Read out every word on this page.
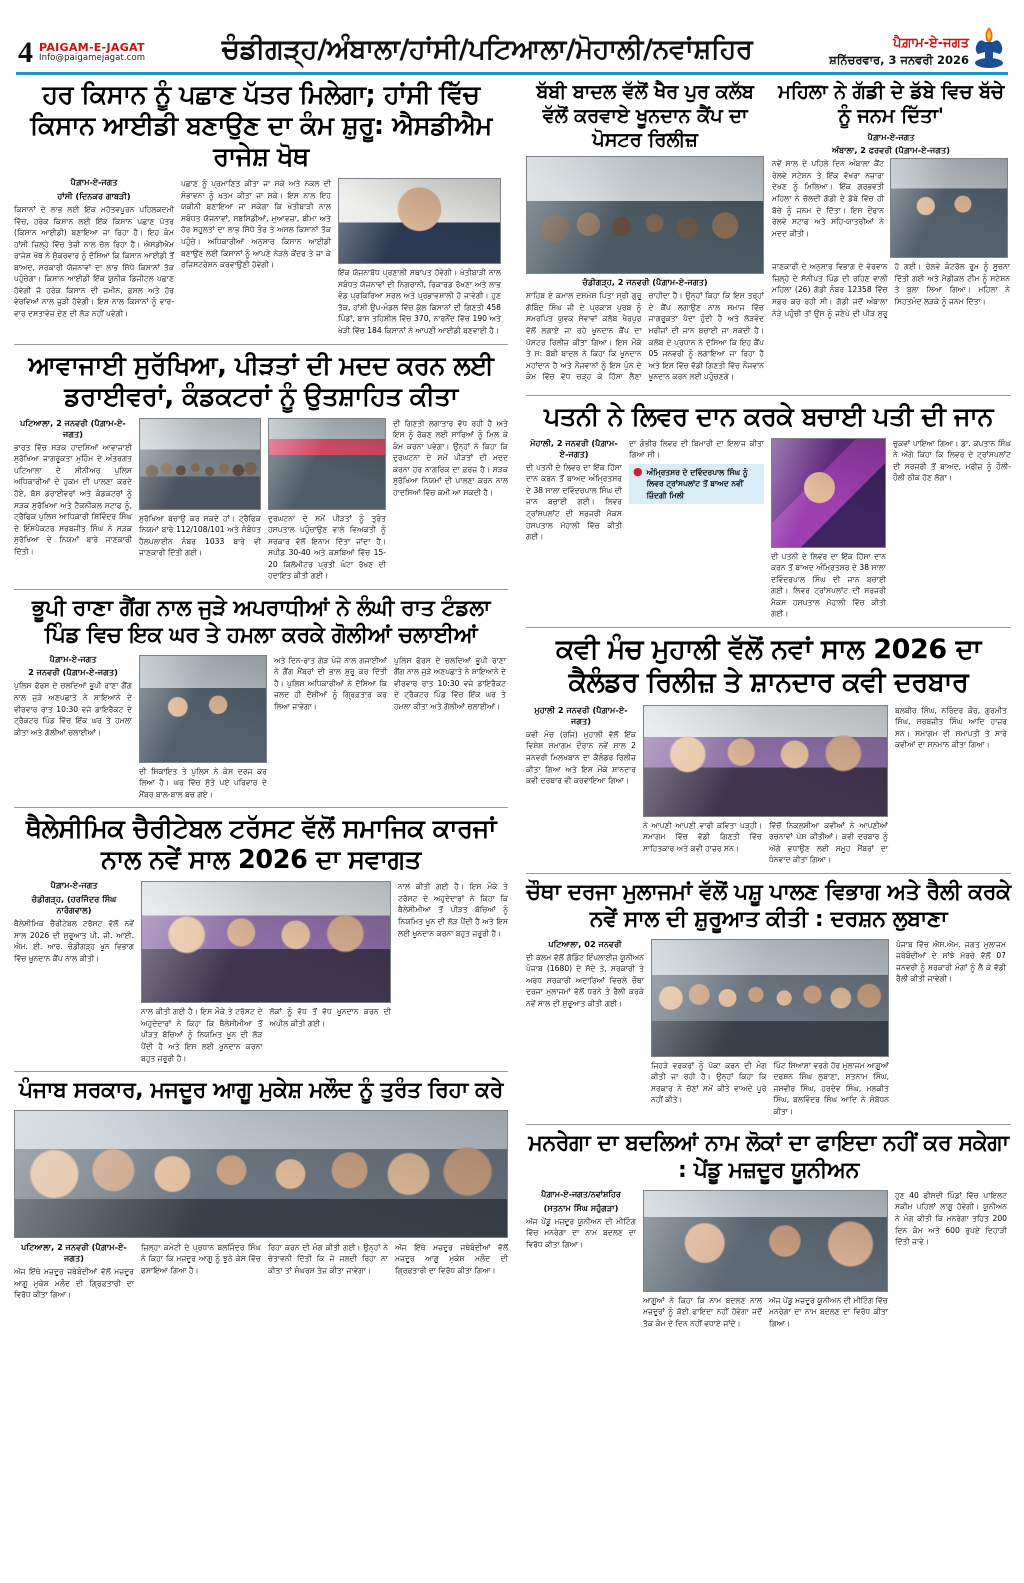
4 PAIGAM-E-JAGAT
Info@paigamejagat.com	ਚੰਡੀਗੜ੍ਹ/ਅੰਬਾਲਾ/ਹਾਂਸੀ/ਪਟਿਆਲਾ/ਮੋਹਾਲੀ/ਨਵਾਂਸ਼ਹਿਰ	ਪੈਗ਼ਾਮ-ਏ-ਜਗਤ
ਸ਼ਨਿੱਚਰਵਾਰ, 3 ਜਨਵਰੀ 2026
ਹਰ ਕਿਸਾਨ ਨੂੰ ਪਛਾਣ ਪੱਤਰ ਮਿਲੇਗਾ; ਹਾਂਸੀ ਵਿੱਚ ਕਿਸਾਨ ਆਈਡੀ ਬਣਾਉਣ ਦਾ ਕੰਮ ਸ਼ੁਰੂ: ਐਸਡੀਐਮ ਰਾਜੇਸ਼ ਖੋਥ
ਪੈਗ਼ਾਮ-ਏ-ਜਗਤ
ਹਾਂਸੀ (ਦਿਨਕਰ ਗਾਬੜੀ)

ਕਿਸਾਨਾਂ ਦੇ ਲਾਭ ਲਈ ਇੱਕ ਮਹੱਤਵਪੂਰਨ ਪਹਿਲਕਦਮੀ ਵਿੱਚ, ਹਰੇਕ ਕਿਸਾਨ ਲਈ ਇੱਕ ਕਿਸਾਨ ਪਛਾਣ ਪੱਤਰ (ਕਿਸਾਨ ਆਈਡੀ) ਬਣਾਇਆ ਜਾ ਰਿਹਾ ਹੈ। ਇਹ ਕੰਮ ਹਾਂਸੀ ਜ਼ਿਲ੍ਹੇ ਵਿੱਚ ਤੇਜ਼ੀ ਨਾਲ ਚੱਲ ਰਿਹਾ ਹੈ। ਐਸਡੀਐਮ ਰਾਜੇਸ਼ ਖੋਥ ਨੇ ਸ਼ੁੱਕਰਵਾਰ ਨੂੰ ਦੱਸਿਆ ਕਿ ਕਿਸਾਨ ਆਈਡੀ ਤੋਂ ਬਾਅਦ, ਸਰਕਾਰੀ ਯੋਜਨਾਵਾਂ ਦਾ ਲਾਭ ਸਿੱਧੇ ਕਿਸਾਨਾਂ ਤੱਕ ਪਹੁੰਚੇਗਾ। ਕਿਸਾਨ ਆਈਡੀ ਇੱਕ ਯੂਨੀਕ ਡਿਜੀਟਲ ਪਛਾਣ ਹੋਵੇਗੀ ਜੋ ਹਰੇਕ ਕਿਸਾਨ ਦੀ ਜ਼ਮੀਨ, ਫ਼ਸਲ ਅਤੇ ਹੋਰ ਵੇਰਵਿਆਂ ਨਾਲ ਜੁੜੀ ਹੋਵੇਗੀ। ਇਸ ਨਾਲ ਕਿਸਾਨਾਂ ਨੂੰ ਵਾਰ-ਵਾਰ ਦਸਤਾਵੇਜ਼ ਦੇਣ ਦੀ ਲੋੜ ਨਹੀਂ ਪਵੇਗੀ।

ਪਛਾਣ ਨੂੰ ਪ੍ਰਮਾਣਿਤ ਕੀਤਾ ਜਾ ਸਕੇ ਅਤੇ ਨਕਲ ਦੀ ਸੰਭਾਵਨਾ ਨੂੰ ਖ਼ਤਮ ਕੀਤਾ ਜਾ ਸਕੇ। ਇਸ ਨਾਲ ਇਹ ਯਕੀਨੀ ਬਣਾਇਆ ਜਾ ਸਕੇਗਾ ਕਿ ਖੇਤੀਬਾੜੀ ਨਾਲ ਸਬੰਧਤ ਯੋਜਨਾਵਾਂ, ਸਬਸਿਡੀਆਂ, ਮੁਆਵਜ਼ਾ, ਬੀਮਾ ਅਤੇ ਹੋਰ ਸਹੂਲਤਾਂ ਦਾ ਲਾਭ ਸਿੱਧੇ ਤੌਰ ਤੇ ਅਸਲ ਕਿਸਾਨਾਂ ਤੱਕ ਪਹੁੰਚੇ। ਅਧਿਕਾਰੀਆਂ ਅਨੁਸਾਰ ਕਿਸਾਨ ਆਈਡੀ ਬਣਾਉਣ ਲਈ ਕਿਸਾਨਾਂ ਨੂੰ ਆਪਣੇ ਨੇੜਲੇ ਕੇਂਦਰ ਤੇ ਜਾ ਕੇ ਰਜਿਸਟਰੇਸ਼ਨ ਕਰਵਾਉਣੀ ਹੋਵੇਗੀ।

ਇੱਕ ਯੋਜਨਾਬੱਧ ਪ੍ਰਣਾਲੀ ਸਥਾਪਤ ਹੋਵੇਗੀ। ਖੇਤੀਬਾੜੀ ਨਾਲ ਸਬੰਧਤ ਯੋਜਨਾਵਾਂ ਦੀ ਨਿਗਰਾਨੀ, ਰਿਕਾਰਡ ਰੱਖਣਾ ਅਤੇ ਲਾਭ ਵੰਡ ਪ੍ਰਕਿਰਿਆ ਸਰਲ ਅਤੇ ਪ੍ਰਭਾਵਸ਼ਾਲੀ ਹੋ ਜਾਵੇਗੀ। ਹੁਣ ਤੱਕ, ਹਾਂਸੀ ਉਪ-ਮੰਡਲ ਵਿੱਚ ਕੁੱਲ ਕਿਸਾਨਾਂ ਦੀ ਗਿਣਤੀ 458 ਪਿੰਡਾਂ, ਬਾਸ ਤਹਿਸੀਲ ਵਿੱਚ 370, ਨਾਰਨੌਂਦ ਵਿੱਚ 190 ਅਤੇ ਖੇੜੀ ਵਿੱਚ 184 ਕਿਸਾਨਾਂ ਨੇ ਆਪਣੀ ਆਈਡੀ ਬਣਵਾਈ ਹੈ।

ਆਵਾਜਾਈ ਸੁਰੱਖਿਆ, ਪੀੜਤਾਂ ਦੀ ਮਦਦ ਕਰਨ ਲਈ ਡਰਾਈਵਰਾਂ, ਕੰਡਕਟਰਾਂ ਨੂੰ ਉਤਸ਼ਾਹਿਤ ਕੀਤਾ
ਪਟਿਆਲਾ, 2 ਜਨਵਰੀ (ਪੈਗ਼ਾਮ-ਏ-ਜਗਤ)

ਭਾਰਤ ਵਿੱਚ ਸੜਕ ਹਾਦਸਿਆਂ ਆਵਾਜਾਈ ਸੁਰੱਖਿਆ ਜਾਗਰੂਕਤਾ ਮੁਹਿੰਮ ਦੇ ਅੰਤਰਗਤ ਪਟਿਆਲਾ ਦੇ ਸੀਨੀਅਰ ਪੁਲਿਸ ਅਧਿਕਾਰੀਆਂ ਦੇ ਹੁਕਮ ਦੀ ਪਾਲਣਾ ਕਰਦੇ ਹੋਏ, ਬੱਸ ਡਰਾਈਵਰਾਂ ਅਤੇ ਕੰਡਕਟਰਾਂ ਨੂੰ ਸੜਕ ਸੁਰੱਖਿਆ ਅਤੇ ਟੈਕਨੀਕਲ ਸਟਾਫ ਨੂੰ, ਟ੍ਰੈਫਿਕ ਪੁਲਿਸ ਆਧਿਕਾਰੀ ਸ਼ਿਵਿੰਦਰ ਸਿੰਘ ਦੇ ਇੰਸਪੈਕਟਰ ਸਰਬਜੀਤ ਸਿੰਘ ਨੇ ਸੜਕ ਸੁਰੱਖਿਆ ਦੇ ਨਿਯਮਾਂ ਬਾਰੇ ਜਾਣਕਾਰੀ ਦਿੱਤੀ।

ਸੁਰੱਖਿਆ ਬਚਾਉ ਕਰ ਸਕਦੇ ਹਾਂ। ਟ੍ਰੈਫਿਕ ਨਿਯਮਾਂ ਬਾਰੇ 112/108/101 ਅਤੇ ਸੰਬੰਧਤ ਹੈਲਪਲਾਈਨ ਨੰਬਰ 1033 ਬਾਰੇ ਵੀ ਜਾਣਕਾਰੀ ਦਿੱਤੀ ਗਈ।

ਦੁਰਘਟਨਾ ਦੇ ਸਮੇਂ ਪੀੜਤਾਂ ਨੂੰ ਤੁਰੰਤ ਹਸਪਤਾਲ ਪਹੁੰਚਾਉਣ ਵਾਲੇ ਵਿਅਕਤੀ ਨੂੰ ਸਰਕਾਰ ਵੱਲੋਂ ਇਨਾਮ ਦਿੱਤਾ ਜਾਂਦਾ ਹੈ। ਸਪੀਡ 30-40 ਅਤੇ ਕਸਬਿਆਂ ਵਿੱਚ 15-20 ਕਿਲੋਮੀਟਰ ਪ੍ਰਤੀ ਘੰਟਾ ਰੱਖਣ ਦੀ ਹਦਾਇਤ ਕੀਤੀ ਗਈ।

ਦੀ ਗਿਣਤੀ ਲਗਾਤਾਰ ਵੱਧ ਰਹੀ ਹੈ ਅਤੇ ਇਸ ਨੂੰ ਰੋਕਣ ਲਈ ਸਾਰਿਆਂ ਨੂੰ ਮਿਲ ਕੇ ਕੰਮ ਕਰਨਾ ਪਵੇਗਾ। ਉਨ੍ਹਾਂ ਨੇ ਕਿਹਾ ਕਿ ਦੁਰਘਟਨਾ ਦੇ ਸਮੇਂ ਪੀੜਤਾਂ ਦੀ ਮਦਦ ਕਰਨਾ ਹਰ ਨਾਗਰਿਕ ਦਾ ਫ਼ਰਜ਼ ਹੈ। ਸੜਕ ਸੁਰੱਖਿਆ ਨਿਯਮਾਂ ਦੀ ਪਾਲਣਾ ਕਰਨ ਨਾਲ ਹਾਦਸਿਆਂ ਵਿੱਚ ਕਮੀ ਆ ਸਕਦੀ ਹੈ।

ਭੂਪੀ ਰਾਣਾ ਗੈਂਗ ਨਾਲ ਜੁੜੇ ਅਪਰਾਧੀਆਂ ਨੇ ਲੰਘੀ ਰਾਤ ਟੰਡਲਾ ਪਿੰਡ ਵਿਚ ਇਕ ਘਰ ਤੇ ਹਮਲਾ ਕਰਕੇ ਗੋਲੀਆਂ ਚਲਾਈਆਂ
ਪੈਗ਼ਾਮ-ਏ-ਜਗਤ
2 ਜਨਵਰੀ (ਪੈਗ਼ਾਮ-ਏ-ਜਗਤ)

ਪੁਲਿਸ ਫੋਰਸ ਦੇ ਚਲਦਿਆਂ ਭੂਪੀ ਰਾਣਾ ਗੈਂਗ ਨਾਲ ਜੁੜੇ ਅਣਪਛਾਤੇ ਨੇ ਸ਼ਾਇਆਨੇ ਦੇ ਵੀਰਵਾਰ ਰਾਤ 10:30 ਵਜੇ ਡਾਇਰੈਕਟ ਦੇ ਟ੍ਰੈਕਟਰ ਪਿੰਡ ਵਿੱਚ ਇੱਕ ਘਰ ਤੇ ਹਮਲਾ ਕੀਤਾ ਅਤੇ ਗੋਲੀਆਂ ਚਲਾਈਆਂ।

ਦੀ ਸ਼ਿਕਾਇਤ ਤੇ ਪੁਲਿਸ ਨੇ ਕੇਸ ਦਰਜ ਕਰ ਲਿਆ ਹੈ। ਘਰ ਵਿੱਚ ਸੁੱਤੇ ਪਏ ਪਰਿਵਾਰ ਦੇ ਮੈਂਬਰ ਬਾਲ-ਬਾਲ ਬਚ ਗਏ।

ਅਤੇ ਦਿਨ-ਰਾਤ ਗੇੜ ਪੰਜੇ ਨਾਲ ਗਜਾਈਆਂ ਨੇ ਗੈਂਗ ਮੈਂਬਰਾਂ ਦੀ ਭਾਲ ਸ਼ੁਰੂ ਕਰ ਦਿੱਤੀ ਹੈ। ਪੁਲਿਸ ਅਧਿਕਾਰੀਆਂ ਨੇ ਦੱਸਿਆ ਕਿ ਜਲਦ ਹੀ ਦੋਸ਼ੀਆਂ ਨੂੰ ਗ੍ਰਿਫ਼ਤਾਰ ਕਰ ਲਿਆ ਜਾਵੇਗਾ।

ਪੁਲਿਸ ਫੋਰਸ ਦੇ ਚਲਦਿਆਂ ਭੂਪੀ ਰਾਣਾ ਗੈਂਗ ਨਾਲ ਜੁੜੇ ਅਣਪਛਾਤੇ ਨੇ ਸ਼ਾਇਆਨੇ ਦੇ ਵੀਰਵਾਰ ਰਾਤ 10:30 ਵਜੇ ਡਾਇਰੈਕਟ ਦੇ ਟ੍ਰੈਕਟਰ ਪਿੰਡ ਵਿੱਚ ਇੱਕ ਘਰ ਤੇ ਹਮਲਾ ਕੀਤਾ ਅਤੇ ਗੋਲੀਆਂ ਚਲਾਈਆਂ।

ਥੈਲੇਸੀਮਿਕ ਚੈਰੀਟੇਬਲ ਟਰੱਸਟ ਵੱਲੋਂ ਸਮਾਜਿਕ ਕਾਰਜਾਂ ਨਾਲ ਨਵੇਂ ਸਾਲ 2026 ਦਾ ਸਵਾਗਤ
ਪੈਗ਼ਾਮ-ਏ-ਜਗਤ
ਚੰਡੀਗੜ੍ਹ, (ਹਰਜਿੰਦਰ ਸਿੰਘ ਨਾਰੰਗਵਾਲ)

ਥੈਲੇਸੀਮਿਕ ਚੈਰੀਟੇਬਲ ਟਰੱਸਟ ਵੱਲੋਂ ਨਵੇਂ ਸਾਲ 2026 ਦੀ ਸ਼ੁਰੂਆਤ ਪੀ. ਜੀ. ਆਈ. ਐਮ. ਈ. ਆਰ. ਚੰਡੀਗੜ੍ਹ ਖੂਨ ਵਿਭਾਗ ਵਿੱਚ ਖ਼ੂਨਦਾਨ ਕੈਂਪ ਨਾਲ ਕੀਤੀ।

ਨਾਲ ਕੀਤੀ ਗਈ ਹੈ। ਇਸ ਮੌਕੇ ਤੇ ਟਰੱਸਟ ਦੇ ਅਹੁਦੇਦਾਰਾਂ ਨੇ ਕਿਹਾ ਕਿ ਥੈਲੇਸੀਮੀਆ ਤੋਂ ਪੀੜਤ ਬੱਚਿਆਂ ਨੂੰ ਨਿਯਮਿਤ ਖੂਨ ਦੀ ਲੋੜ ਪੈਂਦੀ ਹੈ ਅਤੇ ਇਸ ਲਈ ਖੂਨਦਾਨ ਕਰਨਾ ਬਹੁਤ ਜ਼ਰੂਰੀ ਹੈ।

ਲੋਕਾਂ ਨੂੰ ਵੱਧ ਤੋਂ ਵੱਧ ਖੂਨਦਾਨ ਕਰਨ ਦੀ ਅਪੀਲ ਕੀਤੀ ਗਈ।

ਨਾਲ ਕੀਤੀ ਗਈ ਹੈ। ਇਸ ਮੌਕੇ ਤੇ ਟਰੱਸਟ ਦੇ ਅਹੁਦੇਦਾਰਾਂ ਨੇ ਕਿਹਾ ਕਿ ਥੈਲੇਸੀਮੀਆ ਤੋਂ ਪੀੜਤ ਬੱਚਿਆਂ ਨੂੰ ਨਿਯਮਿਤ ਖੂਨ ਦੀ ਲੋੜ ਪੈਂਦੀ ਹੈ ਅਤੇ ਇਸ ਲਈ ਖੂਨਦਾਨ ਕਰਨਾ ਬਹੁਤ ਜ਼ਰੂਰੀ ਹੈ।

ਪੰਜਾਬ ਸਰਕਾਰ, ਮਜਦੂਰ ਆਗੂ ਮੁਕੇਸ਼ ਮਲੌਦ ਨੂੰ ਤੁਰੰਤ ਰਿਹਾ ਕਰੇ
ਪਟਿਆਲਾ, 2 ਜਨਵਰੀ (ਪੈਗ਼ਾਮ-ਏ-ਜਗਤ)

ਅੱਜ ਇੱਥੇ ਮਜ਼ਦੂਰ ਜਥੇਬੰਦੀਆਂ ਵੱਲੋਂ ਮਜ਼ਦੂਰ ਆਗੂ ਮੁਕੇਸ਼ ਮਲੌਦ ਦੀ ਗ੍ਰਿਫ਼ਤਾਰੀ ਦਾ ਵਿਰੋਧ ਕੀਤਾ ਗਿਆ।

ਜ਼ਿਲ੍ਹਾ ਕਮੇਟੀ ਦੇ ਪ੍ਰਧਾਨ ਬਲਜਿੰਦਰ ਸਿੰਘ ਨੇ ਕਿਹਾ ਕਿ ਮਜ਼ਦੂਰ ਆਗੂ ਨੂੰ ਝੂਠੇ ਕੇਸ ਵਿੱਚ ਫਸਾਇਆ ਗਿਆ ਹੈ।

ਰਿਹਾ ਕਰਨ ਦੀ ਮੰਗ ਕੀਤੀ ਗਈ। ਉਨ੍ਹਾਂ ਨੇ ਚੇਤਾਵਨੀ ਦਿੱਤੀ ਕਿ ਜੇ ਜਲਦੀ ਰਿਹਾ ਨਾ ਕੀਤਾ ਤਾਂ ਸੰਘਰਸ਼ ਤੇਜ਼ ਕੀਤਾ ਜਾਵੇਗਾ।

ਅੱਜ ਇੱਥੇ ਮਜ਼ਦੂਰ ਜਥੇਬੰਦੀਆਂ ਵੱਲੋਂ ਮਜ਼ਦੂਰ ਆਗੂ ਮੁਕੇਸ਼ ਮਲੌਦ ਦੀ ਗ੍ਰਿਫ਼ਤਾਰੀ ਦਾ ਵਿਰੋਧ ਕੀਤਾ ਗਿਆ।

ਬੱਬੀ ਬਾਦਲ ਵੱਲੋਂ ਖੈਰ ਪੁਰ ਕਲੱਬ ਵੱਲੋਂ ਕਰਵਾਏ ਖੂਨਦਾਨ ਕੈਂਪ ਦਾ ਪੋਸਟਰ ਰਿਲੀਜ਼
ਚੰਡੀਗੜ੍ਹ, 2 ਜਨਵਰੀ (ਪੈਗ਼ਾਮ-ਏ-ਜਗਤ)

ਸਾਹਿਬ ਏ ਕਮਾਲ ਦਸਮੇਸ਼ ਪਿਤਾ ਸ੍ਰੀ ਗੁਰੂ ਗੋਬਿੰਦ ਸਿੰਘ ਜੀ ਦੇ ਪ੍ਰਕਾਸ਼ ਪੁਰਬ ਨੂੰ ਸਮਰਪਿਤ ਯੁਵਕ ਸੇਵਾਵਾਂ ਕਲੱਬ ਖੈਰਪੁਰ ਵੱਲੋਂ ਲਗਾਏ ਜਾ ਰਹੇ ਖੂਨਦਾਨ ਕੈਂਪ ਦਾ ਪੋਸਟਰ ਰਿਲੀਜ਼ ਕੀਤਾ ਗਿਆ। ਇਸ ਮੌਕੇ ਤੇ ਸ: ਬੱਬੀ ਬਾਦਲ ਨੇ ਕਿਹਾ ਕਿ ਖੂਨਦਾਨ ਮਹਾਂਦਾਨ ਹੈ ਅਤੇ ਨੌਜਵਾਨਾਂ ਨੂੰ ਇਸ ਪੁੰਨ ਦੇ ਕੰਮ ਵਿੱਚ ਵੱਧ ਚੜ੍ਹ ਕੇ ਹਿੱਸਾ ਲੈਣਾ ਚਾਹੀਦਾ ਹੈ। ਉਨ੍ਹਾਂ ਕਿਹਾ ਕਿ ਇਸ ਤਰ੍ਹਾਂ ਦੇ ਕੈਂਪ ਲਗਾਉਣ ਨਾਲ ਸਮਾਜ ਵਿੱਚ ਜਾਗਰੂਕਤਾ ਪੈਦਾ ਹੁੰਦੀ ਹੈ ਅਤੇ ਲੋੜਵੰਦ ਮਰੀਜ਼ਾਂ ਦੀ ਜਾਨ ਬਚਾਈ ਜਾ ਸਕਦੀ ਹੈ। ਕਲੱਬ ਦੇ ਪ੍ਰਧਾਨ ਨੇ ਦੱਸਿਆ ਕਿ ਇਹ ਕੈਂਪ 05 ਜਨਵਰੀ ਨੂੰ ਲਗਾਇਆ ਜਾ ਰਿਹਾ ਹੈ ਅਤੇ ਇਸ ਵਿੱਚ ਵੱਡੀ ਗਿਣਤੀ ਵਿੱਚ ਨੌਜਵਾਨ ਖੂਨਦਾਨ ਕਰਨ ਲਈ ਪਹੁੰਚਣਗੇ।

ਮਹਿਲਾ ਨੇ ਗੱਡੀ ਦੇ ਡੱਬੇ ਵਿਚ ਬੱਚੇ ਨੂੰ ਜਨਮ ਦਿੱਤਾ'
ਪੈਗ਼ਾਮ-ਏ-ਜਗਤ
ਅੰਬਾਲਾ, 2 ਫਰਵਰੀ (ਪੈਗ਼ਾਮ-ਏ-ਜਗਤ)

ਨਵੇਂ ਸਾਲ ਦੇ ਪਹਿਲੇ ਦਿਨ ਅੰਬਾਲਾ ਕੈਂਟ ਰੇਲਵੇ ਸਟੇਸ਼ਨ ਤੇ ਇੱਕ ਵੱਖਰਾ ਨਜ਼ਾਰਾ ਦੇਖਣ ਨੂੰ ਮਿਲਿਆ। ਇੱਕ ਗਰਭਵਤੀ ਮਹਿਲਾ ਨੇ ਚੱਲਦੀ ਗੱਡੀ ਦੇ ਡੱਬੇ ਵਿੱਚ ਹੀ ਬੱਚੇ ਨੂੰ ਜਨਮ ਦੇ ਦਿੱਤਾ। ਇਸ ਦੌਰਾਨ ਰੇਲਵੇ ਸਟਾਫ ਅਤੇ ਸਹਿ-ਯਾਤਰੀਆਂ ਨੇ ਮਦਦ ਕੀਤੀ।

ਜਾਣਕਾਰੀ ਦੇ ਅਨੁਸਾਰ ਵਿਭਾਗ ਦੇ ਵੇਰਵਾਨ ਜ਼ਿਲ੍ਹੇ ਦੇ ਸੋਨੀਪਤ ਪਿੰਡ ਦੀ ਰਹਿਣ ਵਾਲੀ ਮਹਿਲਾ (26) ਗੱਡੀ ਨੰਬਰ 12358 ਵਿੱਚ ਸਫ਼ਰ ਕਰ ਰਹੀ ਸੀ। ਗੱਡੀ ਜਦੋਂ ਅੰਬਾਲਾ ਨੇੜੇ ਪਹੁੰਚੀ ਤਾਂ ਉਸ ਨੂੰ ਜਣੇਪੇ ਦੀ ਪੀੜ ਸ਼ੁਰੂ ਹੋ ਗਈ। ਰੇਲਵੇ ਕੰਟਰੋਲ ਰੂਮ ਨੂੰ ਸੂਚਨਾ ਦਿੱਤੀ ਗਈ ਅਤੇ ਮੈਡੀਕਲ ਟੀਮ ਨੂੰ ਸਟੇਸ਼ਨ ਤੇ ਬੁਲਾ ਲਿਆ ਗਿਆ। ਮਹਿਲਾ ਨੇ ਸਿਹਤਮੰਦ ਲੜਕੇ ਨੂੰ ਜਨਮ ਦਿੱਤਾ।

ਪਤਨੀ ਨੇ ਲਿਵਰ ਦਾਨ ਕਰਕੇ ਬਚਾਈ ਪਤੀ ਦੀ ਜਾਨ
ਮੋਹਾਲੀ, 2 ਜਨਵਰੀ (ਪੈਗ਼ਾਮ-ਏ-ਜਗਤ)

ਦੀ ਪਤਨੀ ਦੇ ਲਿਵਰ ਦਾ ਇੱਕ ਹਿੱਸਾ ਦਾਨ ਕਰਨ ਤੋਂ ਬਾਅਦ ਅੰਮ੍ਰਿਤਸਰ ਦੇ 38 ਸਾਲਾ ਦਵਿੰਦਰਪਾਲ ਸਿੰਘ ਦੀ ਜਾਨ ਬਚਾਈ ਗਈ। ਲਿਵਰ ਟ੍ਰਾਂਸਪਲਾਂਟ ਦੀ ਸਰਜਰੀ ਮੈਕਸ ਹਸਪਤਾਲ ਮੋਹਾਲੀ ਵਿੱਚ ਕੀਤੀ ਗਈ।

ਦਾ ਗੰਭੀਰ ਲਿਵਰ ਦੀ ਬਿਮਾਰੀ ਦਾ ਇਲਾਜ ਕੀਤਾ ਗਿਆ ਸੀ।

● ਅੰਮ੍ਰਿਤਸਰ ਦੇ ਦਵਿੰਦਰਪਾਲ ਸਿੰਘ ਨੂੰ ਲਿਵਰ ਟ੍ਰਾਂਸਪਲਾਂਟ ਤੋਂ ਬਾਅਦ ਨਵੀਂ ਜ਼ਿੰਦਗੀ ਮਿਲੀ

ਦੀ ਪਤਨੀ ਦੇ ਲਿਵਰ ਦਾ ਇੱਕ ਹਿੱਸਾ ਦਾਨ ਕਰਨ ਤੋਂ ਬਾਅਦ ਅੰਮ੍ਰਿਤਸਰ ਦੇ 38 ਸਾਲਾ ਦਵਿੰਦਰਪਾਲ ਸਿੰਘ ਦੀ ਜਾਨ ਬਚਾਈ ਗਈ। ਲਿਵਰ ਟ੍ਰਾਂਸਪਲਾਂਟ ਦੀ ਸਰਜਰੀ ਮੈਕਸ ਹਸਪਤਾਲ ਮੋਹਾਲੀ ਵਿੱਚ ਕੀਤੀ ਗਈ।

ਚੁਕਵਾਂ ਪਾਇਆ ਗਿਆ। ਡਾ. ਕਪਤਾਨ ਸਿੰਘ ਨੇ ਅੱਗੇ ਕਿਹਾ ਕਿ ਲਿਵਰ ਦੇ ਟ੍ਰਾਂਸਪਲਾਂਟ ਦੀ ਸਰਜਰੀ ਤੋਂ ਬਾਅਦ, ਮਰੀਜ਼ ਨੂੰ ਹੌਲੀ-ਹੌਲੀ ਠੀਕ ਹੋਣ ਲੱਗਾ।

ਕਵੀ ਮੰਚ ਮੁਹਾਲੀ ਵੱਲੋਂ ਨਵਾਂ ਸਾਲ 2026 ਦਾ ਕੈਲੰਡਰ ਰਿਲੀਜ਼ ਤੇ ਸ਼ਾਨਦਾਰ ਕਵੀ ਦਰਬਾਰ
ਮੁਹਾਲੀ 2 ਜਨਵਰੀ (ਪੈਗ਼ਾਮ-ਏ-ਜਗਤ)

ਕਵੀ ਮੰਚ (ਰਜਿ) ਮੁਹਾਲੀ ਵੱਲੋਂ ਇੱਕ ਵਿਸ਼ੇਸ਼ ਸਮਾਗਮ ਦੌਰਾਨ ਨਵੇਂ ਸਾਲ 2 ਜਨਵਰੀ ਮਿਲਖਬਾਨ ਦਾ ਕੈਲੰਡਰ ਰਿਲੀਜ਼ ਕੀਤਾ ਗਿਆ ਅਤੇ ਇਸ ਮੌਕੇ ਸ਼ਾਨਦਾਰ ਕਵੀ ਦਰਬਾਰ ਵੀ ਕਰਵਾਇਆ ਗਿਆ।

ਨੇ ਆਪਣੀ ਆਪਣੀ ਵਾਰੀ ਕਵਿਤਾ ਪੜ੍ਹੀ। ਸਮਾਗਮ ਵਿੱਚ ਵੱਡੀ ਗਿਣਤੀ ਵਿੱਚ ਸਾਹਿਤਕਾਰ ਅਤੇ ਕਵੀ ਹਾਜ਼ਰ ਸਨ।

ਵਿੱਚੋਂ ਨਿਕਲਸ਼ੀਆ ਕਵੀਆਂ ਨੇ ਆਪਣੀਆਂ ਰਚਨਾਵਾਂ ਪੇਸ਼ ਕੀਤੀਆਂ। ਕਵੀ ਦਰਬਾਰ ਨੂੰ ਅੱਗੇ ਵਧਾਉਣ ਲਈ ਸਮੂਹ ਮੈਂਬਰਾਂ ਦਾ ਧੰਨਵਾਦ ਕੀਤਾ ਗਿਆ।

ਬਲਬੀਰ ਸਿੰਘ, ਨਰਿੰਦਰ ਕੌਰ, ਗੁਰਮੀਤ ਸਿੰਘ, ਸਰਬਜੀਤ ਸਿੰਘ ਆਦਿ ਹਾਜ਼ਰ ਸਨ। ਸਮਾਗਮ ਦੀ ਸਮਾਪਤੀ ਤੇ ਸਾਰੇ ਕਵੀਆਂ ਦਾ ਸਨਮਾਨ ਕੀਤਾ ਗਿਆ।

ਚੌਥਾ ਦਰਜਾ ਮੁਲਾਜਮਾਂ ਵੱਲੋਂ ਪਸ਼ੂ ਪਾਲਣ ਵਿਭਾਗ ਅਤੇ ਰੈਲੀ ਕਰਕੇ ਨਵੇਂ ਸਾਲ ਦੀ ਸ਼ੁਰੂਆਤ ਕੀਤੀ : ਦਰਸ਼ਨ ਲੁਬਾਣਾ
ਪਟਿਆਲਾ, 02 ਜਨਵਰੀ

ਦੀ ਕਲਮ ਵੱਲੋਂ ਗੋਡਿੰਟ ਇੰਪਲਾਈਜ਼ ਯੂਨੀਅਨ ਪੰਜਾਬ (1680) ਦੇ ਸੱਦੇ ਤੇ, ਸਰਕਾਰੀ ਤੇ ਅਰਧ ਸਰਕਾਰੀ ਅਦਾਰਿਆਂ ਵਿਚਲੇ ਚੌਥਾ ਦਰਜਾ ਮੁਲਾਜਮਾਂ ਵੱਲੋਂ ਧਰਨੇ ਤੇ ਰੈਲੀ ਕਰਕੇ ਨਵੇਂ ਸਾਲ ਦੀ ਸ਼ੁਰੂਆਤ ਕੀਤੀ ਗਈ।

ਜਿਹੜੇ ਵਰਕਰਾਂ ਨੂੰ ਪੱਕਾ ਕਰਨ ਦੀ ਮੰਗ ਕੀਤੀ ਜਾ ਰਹੀ ਹੈ। ਉਨ੍ਹਾਂ ਕਿਹਾ ਕਿ ਸਰਕਾਰ ਨੇ ਚੋਣਾਂ ਸਮੇਂ ਕੀਤੇ ਵਾਅਦੇ ਪੂਰੇ ਨਹੀਂ ਕੀਤੇ।

ਪਿੰਟ ਸਿਆਸਾ ਵਰਗੇ ਹੋਰ ਮੁਲਾਜਮ ਆਗੂਆਂ ਦਰਸ਼ਨ ਸਿੰਘ ਲੁਬਾਣਾ, ਸਤਨਾਮ ਸਿੰਘ, ਜਸਵੀਰ ਸਿੰਘ, ਹਰਦੇਵ ਸਿੰਘ, ਮਲਕੀਤ ਸਿੰਘ, ਬਲਵਿੰਦਰ ਸਿੰਘ ਆਦਿ ਨੇ ਸੰਬੋਧਨ ਕੀਤਾ।

ਪੰਜਾਬ ਵਿੱਚ ਐਸ.ਐਮ. ਜਗਤ ਮੁਲਾਜਮ ਜਥੇਬੰਦੀਆਂ ਦੇ ਸਾਂਝੇ ਮੋਰਚੇ ਵੱਲੋਂ 07 ਜਨਵਰੀ ਨੂੰ ਸਰਕਾਰੀ ਮੰਗਾਂ ਨੂੰ ਲੈ ਕੇ ਵੱਡੀ ਰੈਲੀ ਕੀਤੀ ਜਾਵੇਗੀ।

ਮਨਰੇਗਾ ਦਾ ਬਦਲਿਆਂ ਨਾਮ ਲੋਕਾਂ ਦਾ ਫਾਇਦਾ ਨਹੀਂ ਕਰ ਸਕੇਗਾ : ਪੇਂਡੂ ਮਜ਼ਦੂਰ ਯੂਨੀਅਨ
ਪੈਗ਼ਾਮ-ਏ-ਜਗਤ/ਨਵਾਂਸ਼ਹਿਰ
(ਸਤਨਾਮ ਸਿੰਘ ਸਹੁੰਗੜਾ)

ਅੱਜ ਪੇਂਡੂ ਮਜ਼ਦੂਰ ਯੂਨੀਅਨ ਦੀ ਮੀਟਿੰਗ ਵਿੱਚ ਮਨਰੇਗਾ ਦਾ ਨਾਮ ਬਦਲਣ ਦਾ ਵਿਰੋਧ ਕੀਤਾ ਗਿਆ।

ਆਗੂਆਂ ਨੇ ਕਿਹਾ ਕਿ ਨਾਮ ਬਦਲਣ ਨਾਲ ਮਜ਼ਦੂਰਾਂ ਨੂੰ ਕੋਈ ਫਾਇਦਾ ਨਹੀਂ ਹੋਵੇਗਾ ਜਦੋਂ ਤੱਕ ਕੰਮ ਦੇ ਦਿਨ ਨਹੀਂ ਵਧਾਏ ਜਾਂਦੇ।

ਅੱਜ ਪੇਂਡੂ ਮਜ਼ਦੂਰ ਯੂਨੀਅਨ ਦੀ ਮੀਟਿੰਗ ਵਿੱਚ ਮਨਰੇਗਾ ਦਾ ਨਾਮ ਬਦਲਣ ਦਾ ਵਿਰੋਧ ਕੀਤਾ ਗਿਆ।

ਹੁਣ 40 ਫੀਸਦੀ ਪਿੰਡਾਂ ਵਿੱਚ ਪਾਇਲਟ ਸਕੀਮ ਪਹਿਲਾਂ ਲਾਗੂ ਹੋਵੇਗੀ। ਯੂਨੀਅਨ ਨੇ ਮੰਗ ਕੀਤੀ ਕਿ ਮਨਰੇਗਾ ਤਹਿਤ 200 ਦਿਨ ਕੰਮ ਅਤੇ 600 ਰੁਪਏ ਦਿਹਾੜੀ ਦਿੱਤੀ ਜਾਵੇ।
